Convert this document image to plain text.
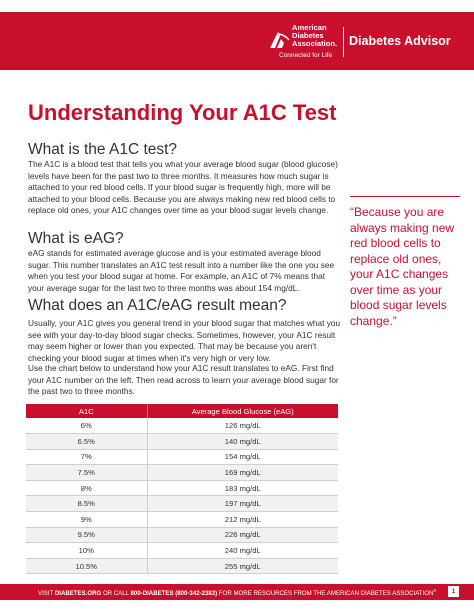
American
Diabetes
Association.
Connected for Life
Diabetes Advisor
Understanding Your A1C Test
What is the A1C test?
The A1C is a blood test that tells you what your average blood sugar (blood glucose) levels have been for the past two to three months. It measures how much sugar is attached to your red blood cells. If your blood sugar is frequently high, more will be attached to your blood cells. Because you are always making new red blood cells to replace old ones, your A1C changes over time as your blood sugar levels change.
What is eAG?
eAG stands for estimated average glucose and is your estimated average blood sugar. This number translates an A1C test result into a number like the one you see when you test your blood sugar at home. For example, an A1C of 7% means that your average sugar for the last two to three months was about 154 mg/dL.
What does an A1C/eAG result mean?
Usually, your A1C gives you general trend in your blood sugar that matches what you see with your day-to-day blood sugar checks. Sometimes, however, your A1C result may seem higher or lower than you expected. That may be because you aren't checking your blood sugar at times when it's very high or very low.
Use the chart below to understand how your A1C result translates to eAG. First find your A1C number on the left. Then read across to learn your average blood sugar for the past two to three months.
“Because you are always making new red blood cells to replace old ones, your A1C changes over time as your blood sugar levels change.”
A1C	Average Blood Glucose (eAG)
6%	126 mg/dL
6.5%	140 mg/dL
7%	154 mg/dL
7.5%	169 mg/dL
8%	183 mg/dL
8.5%	197 mg/dL
9%	212 mg/dL
9.5%	226 mg/dL
10%	240 mg/dL
10.5%	255 mg/dL
VISIT DIABETES.ORG OR CALL 800-DIABETES (800-342-2383) FOR MORE RESOURCES FROM THE AMERICAN DIABETES ASSOCIATION®	1
